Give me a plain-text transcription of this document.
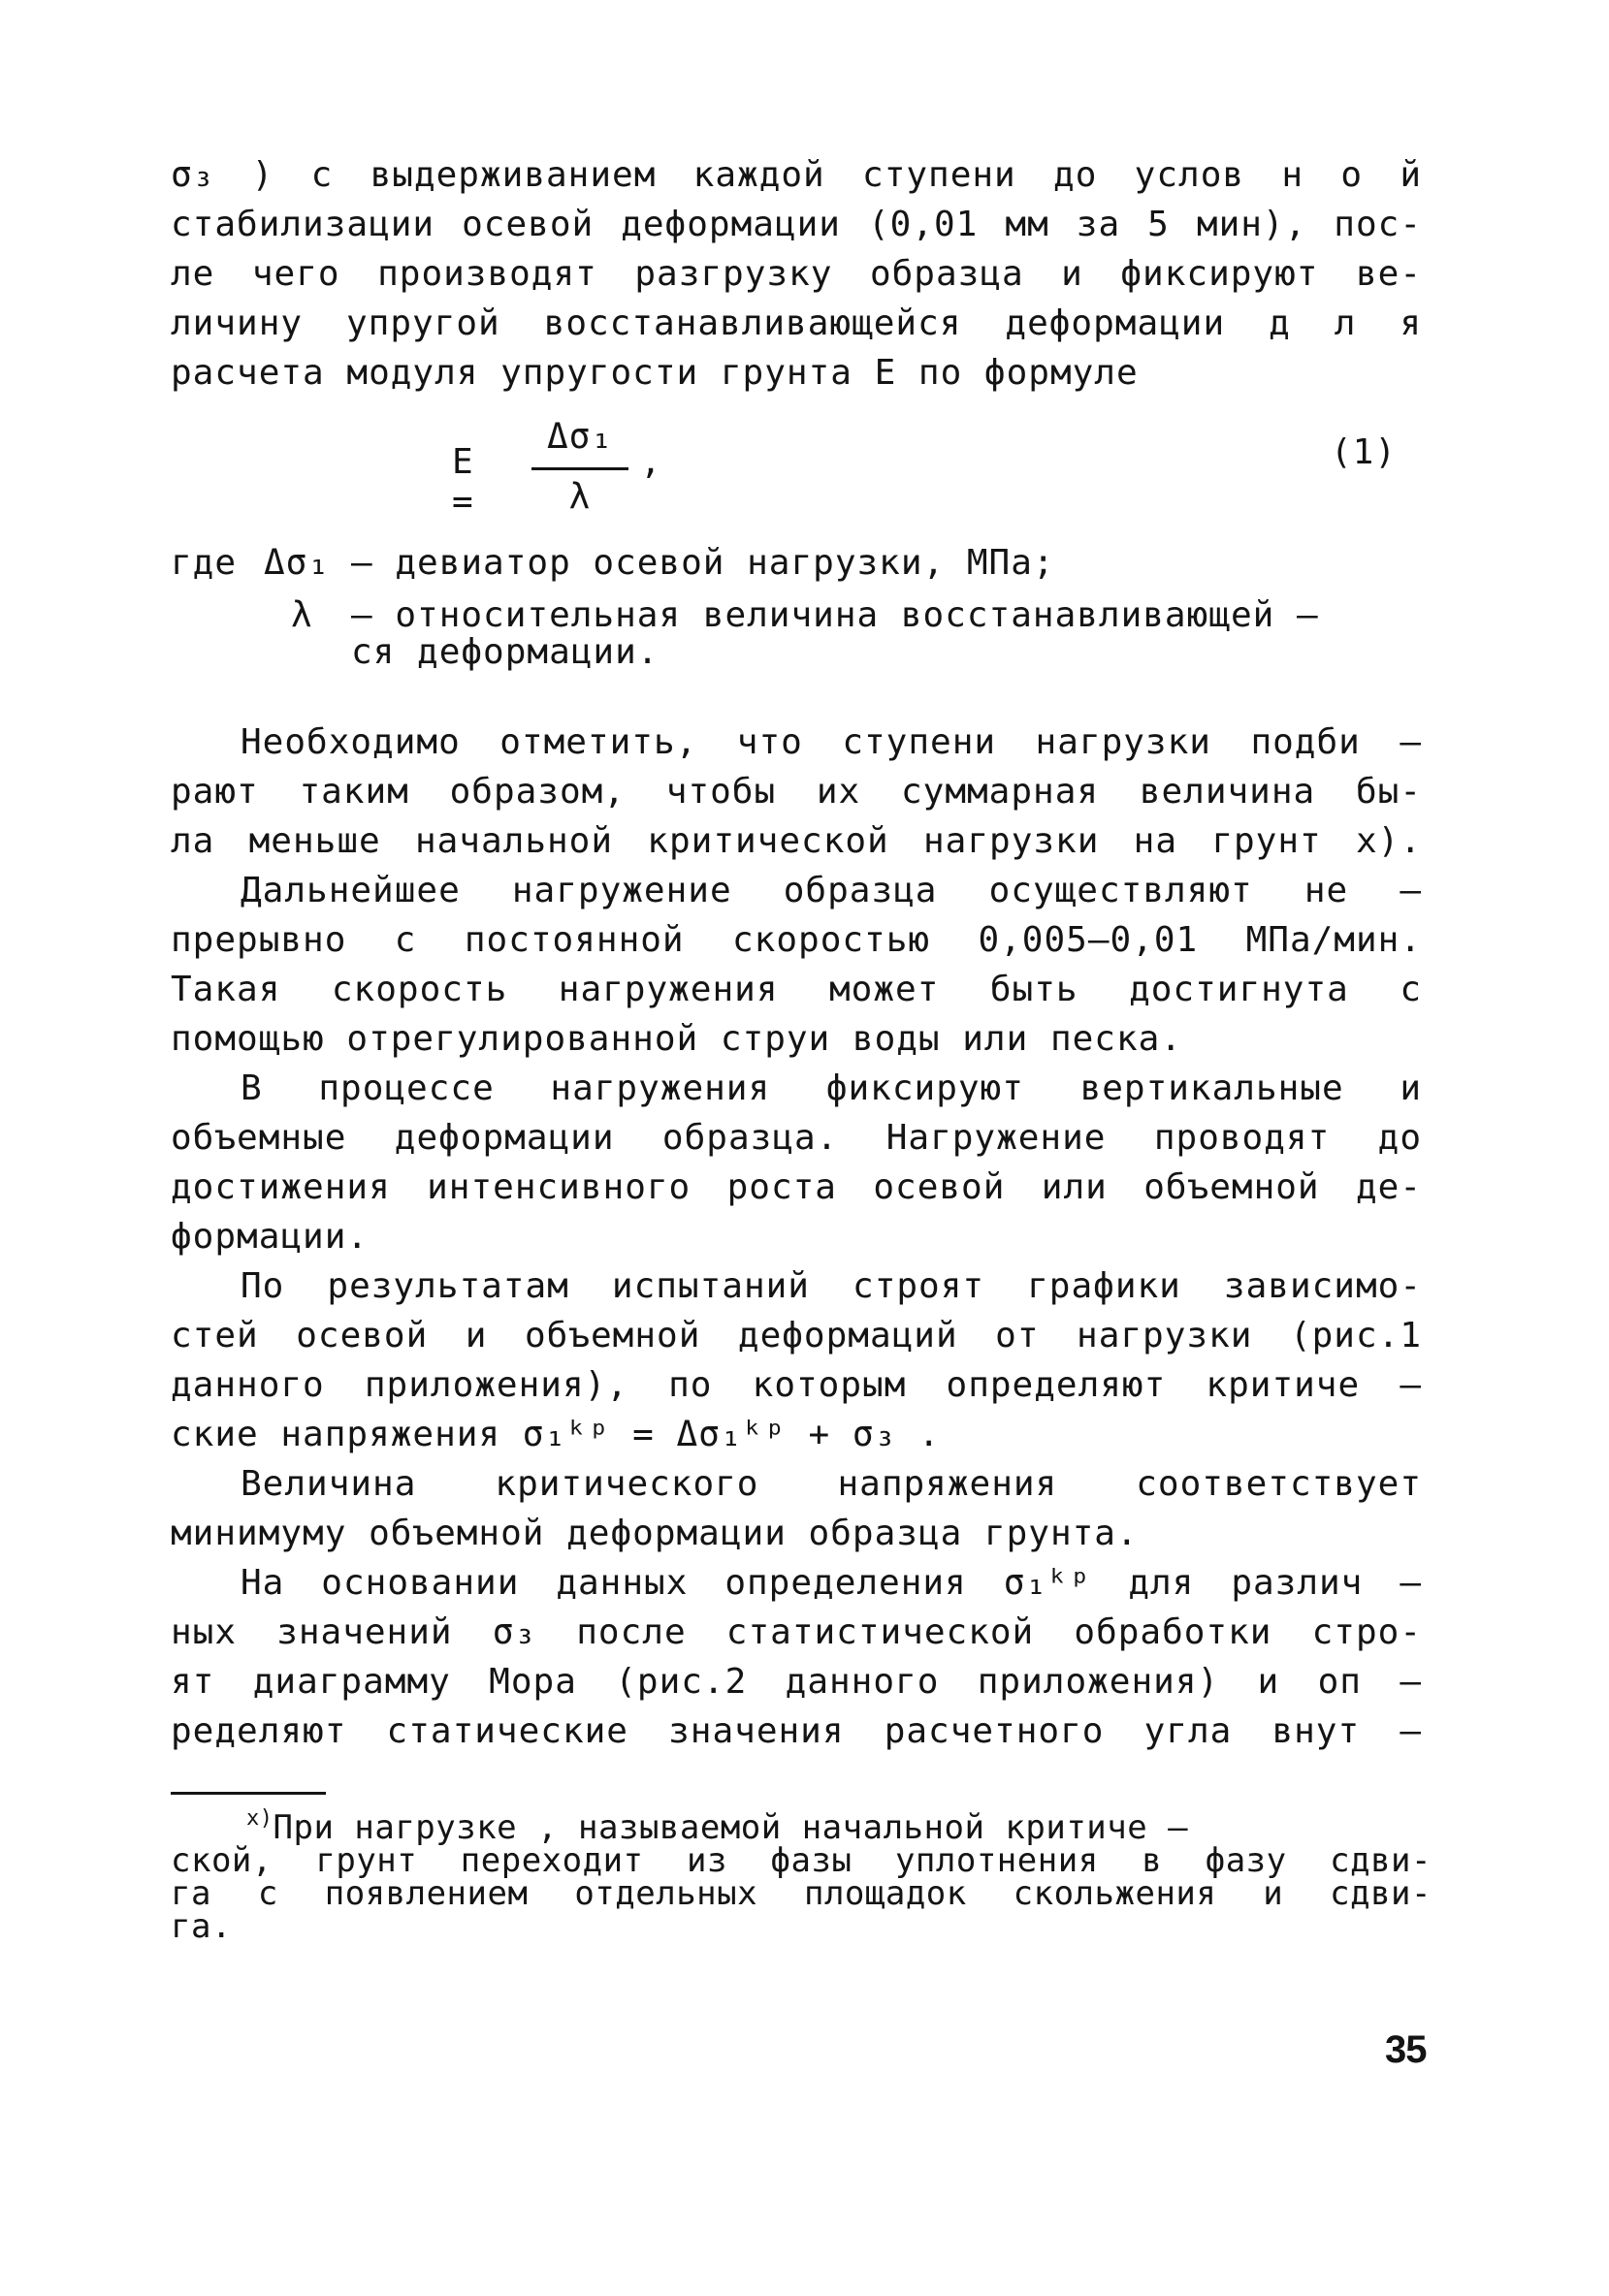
σ₃ ) с выдерживанием каждой ступени до услов н о й
стабилизации осевой деформации (0,01 мм за 5 мин), пос-
ле чего производят разгрузку образца и фиксируют ве-
личину упругой восстанавливающейся деформации д л я
расчета модуля упругости грунта E по формуле
E =
Δσ₁
λ
,	(1)
где Δσ₁ – девиатор осевой нагрузки, МПа;
λ – относительная величина восстанавливающей –
ся деформации.
Необходимо отметить, что ступени нагрузки подби –
рают таким образом, чтобы их суммарная величина бы-
ла меньше начальной критической нагрузки на грунт x).
Дальнейшее нагружение образца осуществляют не –
прерывно с постоянной скоростью 0,005–0,01 МПа/мин.
Такая скорость нагружения может быть достигнута с
помощью отрегулированной струи воды или песка.
В процессе нагружения фиксируют вертикальные и
объемные деформации образца. Нагружение проводят до
достижения интенсивного роста осевой или объемной де-
формации.
По результатам испытаний строят графики зависимо-
стей осевой и объемной деформаций от нагрузки (рис.1
данного приложения), по которым определяют критиче –
ские напряжения σ₁ᵏᵖ = Δσ₁ᵏᵖ + σ₃ .
Величина критического напряжения соответствует
минимуму объемной деформации образца грунта.
На основании данных определения σ₁ᵏᵖ для различ –
ных значений σ₃ после статистической обработки стро-
ят диаграмму Мора (рис.2 данного приложения) и оп –
ределяют статические значения расчетного угла внут –
$^{x)}$При нагрузке , называемой начальной критиче –
ской, грунт переходит из фазы уплотнения в фазу сдви-
га с появлением отдельных площадок скольжения и сдви-
га.
35
